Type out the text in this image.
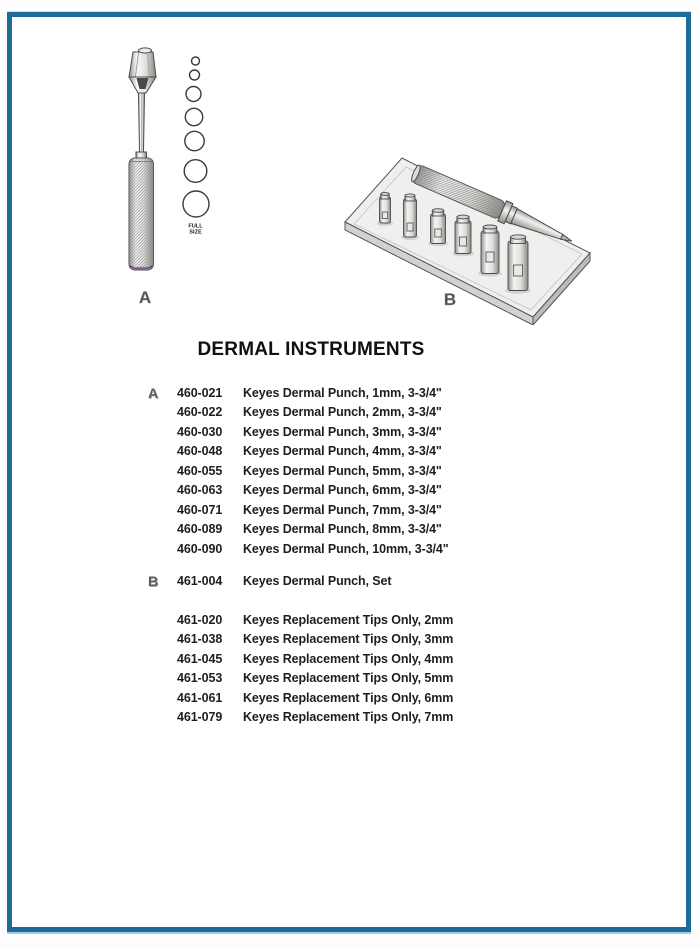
FULL
SIZE
A	B
DERMAL INSTRUMENTS
A	460-021	Keyes Dermal Punch, 1mm, 3-3/4"
460-022	Keyes Dermal Punch, 2mm, 3-3/4"
460-030	Keyes Dermal Punch, 3mm, 3-3/4"
460-048	Keyes Dermal Punch, 4mm, 3-3/4"
460-055	Keyes Dermal Punch, 5mm, 3-3/4"
460-063	Keyes Dermal Punch, 6mm, 3-3/4"
460-071	Keyes Dermal Punch, 7mm, 3-3/4"
460-089	Keyes Dermal Punch, 8mm, 3-3/4"
460-090	Keyes Dermal Punch, 10mm, 3-3/4"
B	461-004	Keyes Dermal Punch, Set
461-020	Keyes Replacement Tips Only, 2mm
461-038	Keyes Replacement Tips Only, 3mm
461-045	Keyes Replacement Tips Only, 4mm
461-053	Keyes Replacement Tips Only, 5mm
461-061	Keyes Replacement Tips Only, 6mm
461-079	Keyes Replacement Tips Only, 7mm
